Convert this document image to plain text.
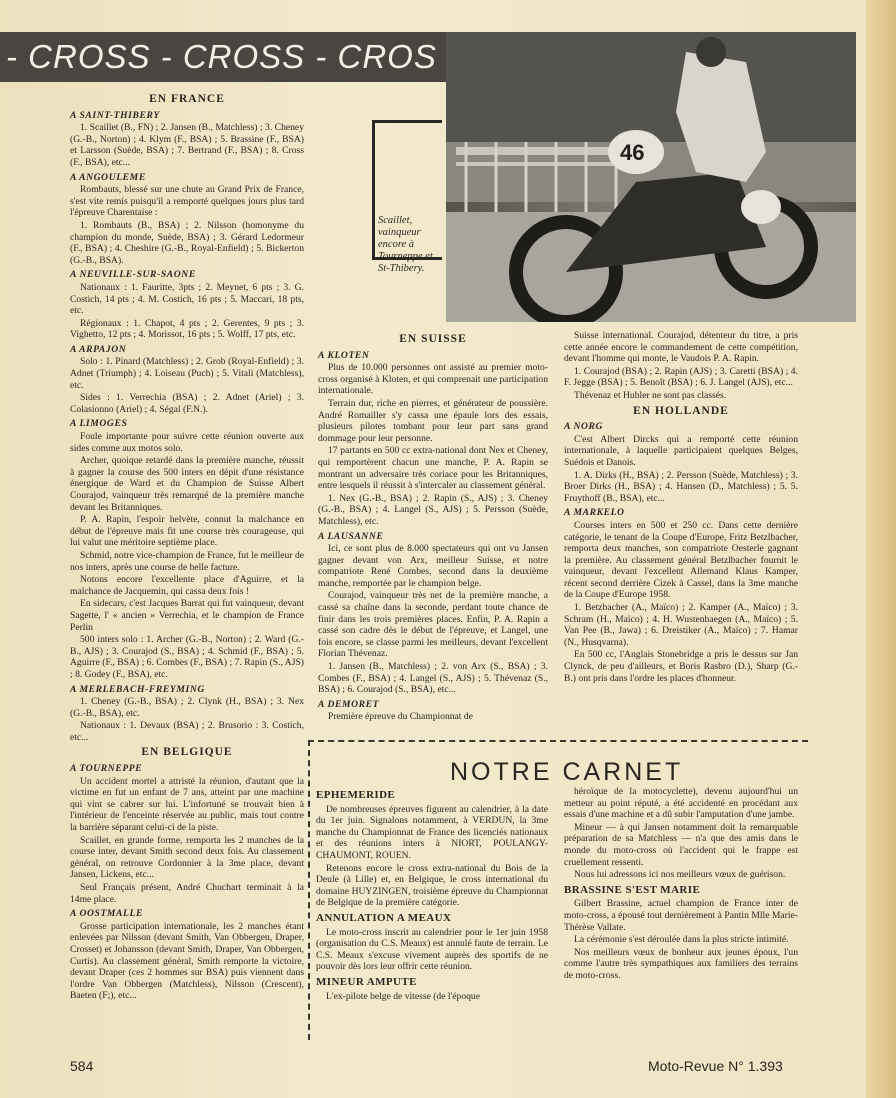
- CROSS - CROSS - CROS
46
Scaillet, vainqueur encore à Tourneppe et St-Thibery.
EN FRANCE
A SAINT-THIBERY

1. Scaillet (B., FN) ; 2. Jansen (B., Matchless) ; 3. Cheney (G.-B., Norton) ; 4. Klym (F., BSA) ; 5. Brassine (F., BSA) et Larsson (Suède, BSA) ; 7. Bertrand (F., BSA) ; 8. Cross (F., BSA), etc...

A ANGOULEME

Rombauts, blessé sur une chute au Grand Prix de France, s'est vite remis puisqu'il a remporté quelques jours plus tard l'épreuve Charentaise :

1. Rombauts (B., BSA) ; 2. Nilsson (homonyme du champion du monde, Suède, BSA) ; 3. Gérard Ledormeur (F., BSA) ; 4. Cheshire (G.-B., Royal-Enfield) ; 5. Bickerton (G.-B., BSA).

A NEUVILLE-SUR-SAONE

Nationaux : 1. Fauritte, 3pts ; 2. Meynet, 6 pts ; 3. G. Costich, 14 pts ; 4. M. Costich, 16 pts ; 5. Maccari, 18 pts, etc.

Régionaux : 1. Chapot, 4 pts ; 2. Gerentes, 9 pts ; 3. Vighetto, 12 pts ; 4. Morissot, 16 pts ; 5. Wolff, 17 pts, etc.

A ARPAJON

Solo : 1. Pinard (Matchless) ; 2. Grob (Royal-Enfield) ; 3. Adnet (Triumph) ; 4. Loiseau (Puch) ; 5. Vitali (Matchless), etc.

Sides : 1. Verrechia (BSA) ; 2. Adnet (Ariel) ; 3. Colasionno (Ariel) ; 4. Ségal (F.N.).

A LIMOGES

Foule importante pour suivre cette réunion ouverte aux sides comme aux motos solo.

Archer, quoique retardé dans la première manche, réussit à gagner la course des 500 inters en dépit d'une résistance énergique de Ward et du Champion de Suisse Albert Courajod, vainqueur très remarqué de la première manche devant les Britanniques.

P. A. Rapin, l'espoir helvète, connut la malchance en début de l'épreuve mais fit une course très courageuse, qui lui valut une méritoire septième place.

Schmid, notre vice-champion de France, fut le meilleur de nos inters, après une course de belle facture.

Notons encore l'excellente place d'Aguirre, et la malchance de Jacquemin, qui cassa deux fois !

En sidecars, c'est Jacques Barrat qui fut vainqueur, devant Sagette, l' « ancien » Verrechia, et le champion de France Perlin

500 inters solo : 1. Archer (G.-B., Norton) ; 2. Ward (G.-B., AJS) ; 3. Courajod (S., BSA) ; 4. Schmid (F., BSA) ; 5. Aguirre (F., BSA) ; 6. Combes (F., BSA) ; 7. Rapin (S., AJS) ; 8. Godey (F., BSA), etc.

A MERLEBACH-FREYMING

1. Cheney (G.-B., BSA) ; 2. Clynk (H., BSA) ; 3. Nex (G.-B., BSA), etc.

Nationaux : 1. Devaux (BSA) ; 2. Brusorio : 3. Costich, etc...

EN BELGIQUE
A TOURNEPPE

Un accident mortel a attristé la réunion, d'autant que la victime en fut un enfant de 7 ans, atteint par une machine qui vint se cabrer sur lui. L'infortuné se trouvait bien à l'intérieur de l'enceinte réservée au public, mais tout contre la barrière séparant celui-ci de la piste.

Scaillet, en grande forme, remporta les 2 manches de la course inter, devant Smith second deux fois. Au classement général, on retrouve Cordonnier à la 3me place, devant Jansen, Lickens, etc...

Seul Français présent, André Chuchart terminait à la 14me place.

A OOSTMALLE

Grosse participation internationale, les 2 manches étant enlevées par Nilsson (devant Smith, Van Obbergen, Draper, Crosset) et Johansson (devant Smith, Draper, Van Obbergen, Curtis). Au classement général, Smith remporte la victoire, devant Draper (ces 2 hommes sur BSA) puis viennent dans l'ordre Van Obbergen (Matchless), Nilsson (Crescent), Baeten (F;), etc...

EN SUISSE
A KLOTEN

Plus de 10.000 personnes ont assisté au premier moto-cross organisé à Kloten, et qui comprenait une participation internationale.

Terrain dur, riche en pierres, et générateur de poussière. André Romailler s'y cassa une épaule lors des essais, plusieurs pilotes tombant pour leur part sans grand dommage pour leur personne.

17 partants en 500 cc extra-national dont Nex et Cheney, qui remportèrent chacun une manche, P. A. Rapin se montrant un adversaire très coriace pour les Britanniques, entre lesquels il réussit à s'intercaler au classement général.

1. Nex (G.-B., BSA) ; 2. Rapin (S., AJS) ; 3. Cheney (G.-B., BSA) ; 4. Langel (S., AJS) ; 5. Persson (Suède, Matchless), etc.

A LAUSANNE

Ici, ce sont plus de 8.000 spectateurs qui ont vu Jansen gagner devant von Arx, meilleur Suisse, et notre compatriote René Combes, second dans la deuxième manche, remportée par le champion belge.

Courajod, vainqueur très net de la première manche, a cassé sa chaîne dans la seconde, perdant toute chance de finir dans les trois premières places. Enfin, P. A. Rapin a cassé son cadre dès le début de l'épreuve, et Langel, une fois encore, se classe parmi les meilleurs, devant l'excellent Florian Thévenaz.

1. Jansen (B., Matchless) ; 2. von Arx (S., BSA) ; 3. Combes (F., BSA) ; 4. Langel (S., AJS) ; 5. Thévenaz (S., BSA) ; 6. Courajod (S., BSA), etc...

A DEMORET

Première épreuve du Championnat de

Suisse international. Courajod, détenteur du titre, a pris cette année encore le commandement de cette compétition, devant l'homme qui monte, le Vaudois P. A. Rapin.

1. Courajod (BSA) ; 2. Rapin (AJS) ; 3. Caretti (BSA) ; 4. F. Jegge (BSA) ; 5. Benoît (BSA) ; 6. J. Langel (AJS), etc...

Thévenaz et Hubler ne sont pas classés.

EN HOLLANDE
A NORG

C'est Albert Dircks qui a remporté cette réunion internationale, à laquelle participaient quelques Belges, Suédois et Danois.

1. A. Dirks (H., BSA) ; 2. Persson (Suède, Matchless) ; 3. Broer Dirks (H., BSA) ; 4. Hansen (D., Matchless) ; 5. 5. Fruythoff (B., BSA), etc...

A MARKELO

Courses inters en 500 et 250 cc. Dans cette dernière catégorie, le tenant de la Coupe d'Europe, Fritz Betzlbacher, remporta deux manches, son compatriote Oesterle gagnant la première. Au classement général Betzlbacher fournit le vainqueur, devant l'excellent Allemand Klaus Kamper, récent second derrière Cizek à Cassel, dans la 3me manche de la Coupe d'Europe 1958.

1. Betzbacher (A., Maïco) ; 2. Kamper (A., Maïco) ; 3. Schram (H., Maïco) ; 4. H. Wustenhaegen (A., Maïco) ; 5. Van Pee (B., Jawa) ; 6. Dreistiker (A., Maïco) ; 7. Hamar (N., Husqvarna).

En 500 cc, l'Anglais Stonebridge a pris le dessus sur Jan Clynck, de peu d'ailleurs, et Boris Rasbro (D.), Sharp (G.-B.) ont pris dans l'ordre les places d'honneur.

NOTRE CARNET
EPHEMERIDE

De nombreuses épreuves figurent au calendrier, à la date du 1er juin. Signalons notamment, à VERDUN, la 3me manche du Championnat de France des licenciés nationaux et des réunions inters à NIORT, POULANGY-CHAUMONT, ROUEN.

Retenons encore le cross extra-national du Bois de la Deule (à Lille) et, en Belgique, le cross international du domaine HUYZINGEN, troisième épreuve du Championnat de Belgique de la première catégorie.

ANNULATION A MEAUX

Le moto-cross inscrit au calendrier pour le 1er juin 1958 (organisation du C.S. Meaux) est annulé faute de terrain. Le C.S. Meaux s'excuse vivement auprès des sportifs de ne pouvoir dès lors leur offrir cette réunion.

MINEUR AMPUTE

L'ex-pilote belge de vitesse (de l'époque

héroïque de la motocyclette), devenu aujourd'hui un metteur au point réputé, a été accidenté en procédant aux essais d'une machine et a dû subir l'amputation d'une jambe.

Mineur — à qui Jansen notamment doit la remarquable préparation de sa Matchless — n'a que des amis dans le monde du moto-cross où l'accident qui le frappe est cruellement ressenti.

Nous lui adressons ici nos meilleurs vœux de guérison.

BRASSINE S'EST MARIE

Gilbert Brassine, actuel champion de France inter de moto-cross, a épousé tout dernièrement à Pantin Mlle Marie-Thérèse Vallate.

La cérémonie s'est déroulée dans la plus stricte intimité.

Nos meilleurs vœux de bonheur aux jeunes époux, l'un comme l'autre très sympathiques aux familiers des terrains de moto-cross.

584	Moto-Revue N° 1.393
